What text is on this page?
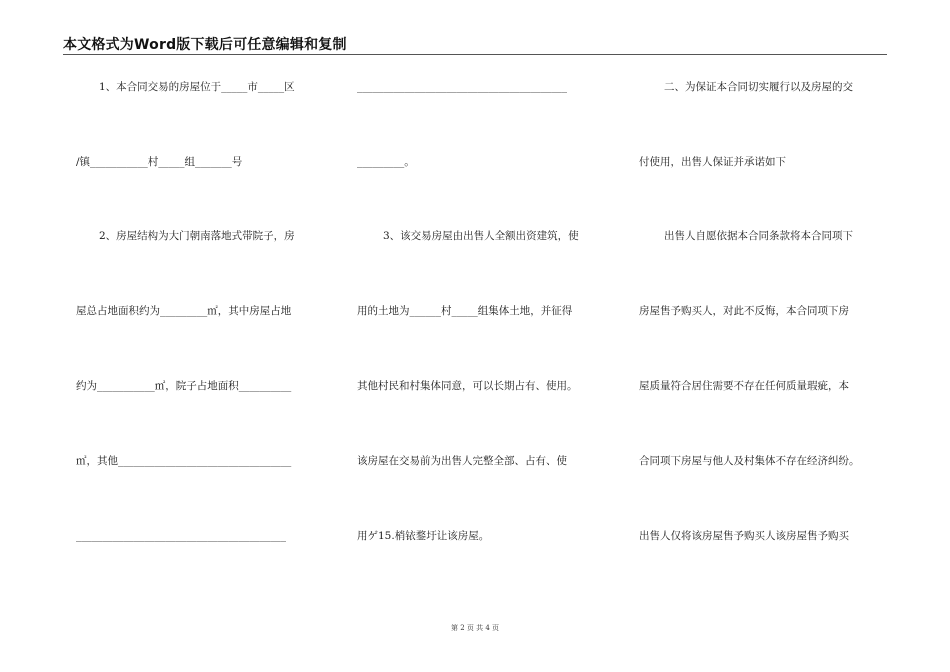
本文格式为Word版下载后可任意编辑和复制
1、本合同交易的房屋位于_____市_____区
/镇___________村_____组_______号
2、房屋结构为大门朝南落地式带院子，房
屋总占地面积约为_________㎡，其中房屋占地
约为___________㎡，院子占地面积__________
㎡，其他_________________________________
________________________________________
________________________________________
_________。
3、该交易房屋由出售人全额出资建筑，使
用的土地为______村_____组集体土地，并征得
其他村民和村集体同意，可以长期占有、使用。
该房屋在交易前为出售人完整全部、占有、使
用ゲ15.梢铱鍪圩让该房屋。
二、为保证本合同切实履行以及房屋的交
付使用，出售人保证并承诺如下
出售人自愿依据本合同条款将本合同项下
房屋售予购买人，对此不反悔，本合同项下房
屋质量符合居住需要不存在任何质量瑕疵，本
合同项下房屋与他人及村集体不存在经济纠纷。
出售人仅将该房屋售予购买人该房屋售予购买
第 2 页 共 4 页
